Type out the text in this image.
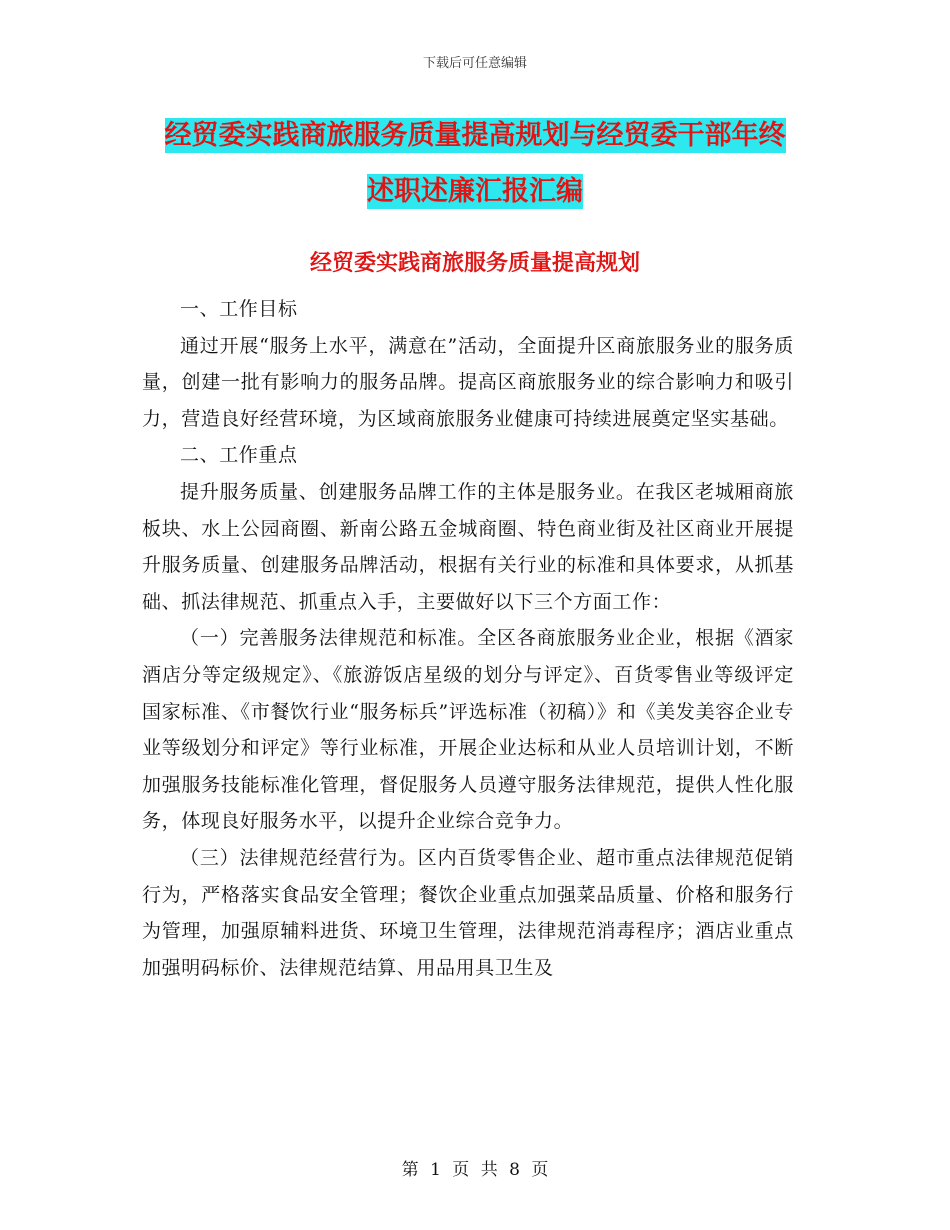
下载后可任意编辑
经贸委实践商旅服务质量提高规划与经贸委干部年终
述职述廉汇报汇编
经贸委实践商旅服务质量提高规划

一、工作目标

通过开展“服务上水平，满意在”活动，全面提升区商旅服务业的服务质量，创建一批有影响力的服务品牌。提高区商旅服务业的综合影响力和吸引力，营造良好经营环境，为区域商旅服务业健康可持续进展奠定坚实基础。

二、工作重点

提升服务质量、创建服务品牌工作的主体是服务业。在我区老城厢商旅板块、水上公园商圈、新南公路五金城商圈、特色商业街及社区商业开展提升服务质量、创建服务品牌活动，根据有关行业的标准和具体要求，从抓基础、抓法律规范、抓重点入手，主要做好以下三个方面工作：

（一）完善服务法律规范和标准。全区各商旅服务业企业，根据《酒家酒店分等定级规定》、《旅游饭店星级的划分与评定》、百货零售业等级评定国家标准、《市餐饮行业“服务标兵”评选标准（初稿）》和《美发美容企业专业等级划分和评定》等行业标准，开展企业达标和从业人员培训计划，不断加强服务技能标准化管理，督促服务人员遵守服务法律规范，提供人性化服务，体现良好服务水平，以提升企业综合竞争力。

（三）法律规范经营行为。区内百货零售企业、超市重点法律规范促销行为，严格落实食品安全管理；餐饮企业重点加强菜品质量、价格和服务行为管理，加强原辅料进货、环境卫生管理，法律规范消毒程序；酒店业重点加强明码标价、法律规范结算、用品用具卫生及

第 1 页 共 8 页
